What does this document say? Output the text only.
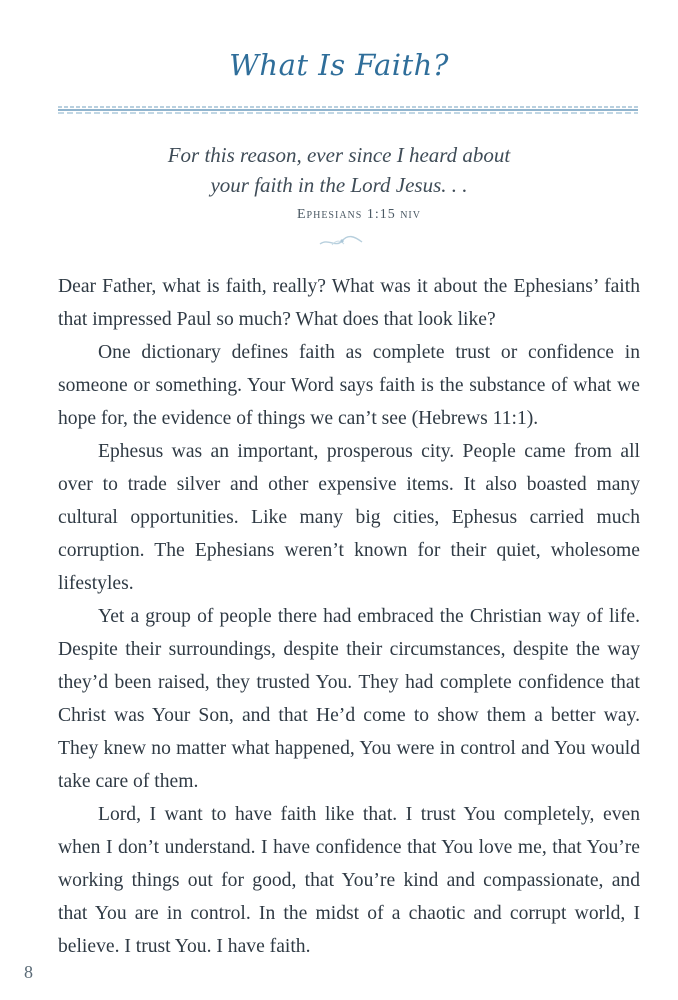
What Is Faith?
For this reason, ever since I heard about
your faith in the Lord Jesus. . .
Ephesians 1:15 niv

Dear Father, what is faith, really? What was it about the Ephesians’ faith that impressed Paul so much? What does that look like?

One dictionary defines faith as complete trust or confidence in someone or something. Your Word says faith is the substance of what we hope for, the evidence of things we can’t see (Hebrews 11:1).

Ephesus was an important, prosperous city. People came from all over to trade silver and other expensive items. It also boasted many cultural opportunities. Like many big cities, Ephesus carried much corruption. The Ephesians weren’t known for their quiet, wholesome lifestyles.

Yet a group of people there had embraced the Christian way of life. Despite their surroundings, despite their circumstances, despite the way they’d been raised, they trusted You. They had complete confidence that Christ was Your Son, and that He’d come to show them a better way. They knew no matter what happened, You were in control and You would take care of them.

Lord, I want to have faith like that. I trust You completely, even when I don’t understand. I have confidence that You love me, that You’re working things out for good, that You’re kind and compassionate, and that You are in control. In the midst of a chaotic and corrupt world, I believe. I trust You. I have faith.

8
